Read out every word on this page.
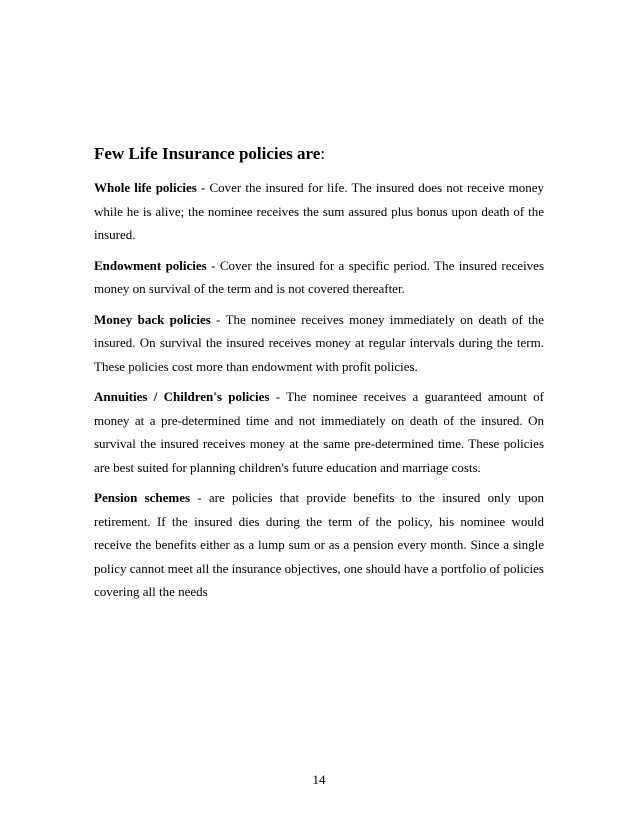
Few Life Insurance policies are:

Whole life policies - Cover the insured for life. The insured does not receive money while he is alive; the nominee receives the sum assured plus bonus upon death of the insured.

Endowment policies - Cover the insured for a specific period. The insured receives money on survival of the term and is not covered thereafter.

Money back policies - The nominee receives money immediately on death of the insured. On survival the insured receives money at regular intervals during the term. These policies cost more than endowment with profit policies.

Annuities / Children's policies - The nominee receives a guaranteed amount of money at a pre-determined time and not immediately on death of the insured. On survival the insured receives money at the same pre-determined time. These policies are best suited for planning children's future education and marriage costs.

Pension schemes - are policies that provide benefits to the insured only upon retirement. If the insured dies during the term of the policy, his nominee would receive the benefits either as a lump sum or as a pension every month. Since a single policy cannot meet all the insurance objectives, one should have a portfolio of policies covering all the needs

14
